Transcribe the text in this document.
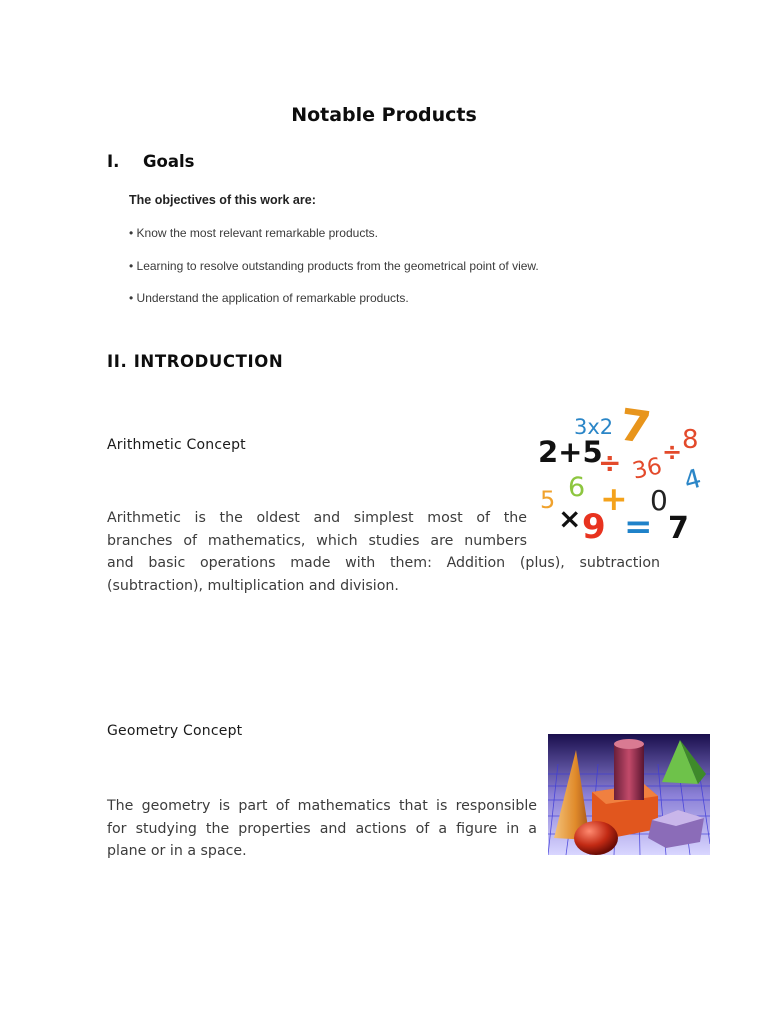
Notable Products
I. Goals
The objectives of this work are:
• Know the most relevant remarkable products.
• Learning to resolve outstanding products from the geometrical point of view.
• Understand the application of remarkable products.
II. INTRODUCTION
Arithmetic Concept
Arithmetic is the oldest and simplest most of the
branches of mathematics, which studies are numbers
and basic operations made with them: Addition (plus), subtraction
(subtraction), multiplication and division.
3x2 7
2+5
÷ 36
÷ 8
4
5 6 + 0
× 9 = 7
Geometry Concept
The geometry is part of mathematics that is responsible
for studying the properties and actions of a figure in a
plane or in a space.
